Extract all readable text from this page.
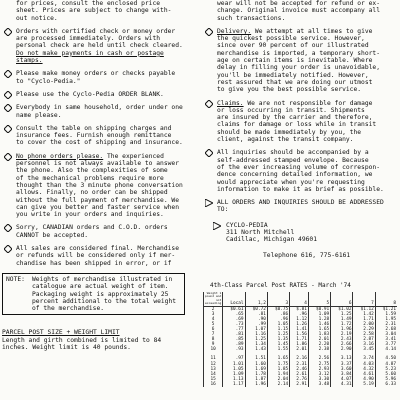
for prices, consult the enclosed price
sheet. Prices are subject to change with-
out notice.

Orders with certified check or money order
are processed immediately. Orders with
personal check are held until check cleared.
Do not make payments in cash or postage
stamps.

Please make money orders or checks payable
to "Cyclo-Pedia."

Please use the Cyclo-Pedia ORDER BLANK.

Everybody in same household, order under one
name please.

Consult the table on shipping charges and
insurance fees. Furnish enough remittance
to cover the cost of shipping and insurance.

No phone orders please. The experienced
personnel is not always available to answer
the phone. Also the complexities of some
of the mechanical problems require more
thought than the 3 minute phone conversation
allows. Finally, no order can be shipped
without the full payment of merchandise. We
can give you better and faster service when
you write in your orders and inquiries.

Sorry, CANADIAN orders and C.O.D. orders
CANNOT be accepted.

All sales are considered final. Merchandise
or refunds will be considered only if mer-
chandise has been shipped in error, or if

NOTE:	Weights of merchandise illustrated in
catalogue are actual weight of item.
Packaging weight is approximately 25
percent additional to the total weight
of the merchandise.
PARCEL POST SIZE + WEIGHT LIMIT
Length and girth combined is limited to 84
inches. Weight limit is 40 pounds.
wear will not be accepted for refund or ex-
change. Original invoice must accompany all
such transactions.

Delivery. We attempt at all times to give
the quickest possible service. However,
since over 90 percent of our illustrated
merchandise is imported, a temporary short-
age on certain items is inevitable. Where
delay in filling your order is unavoidable,
you'll be immediately notified. However,
rest assured that we are doing our utmost
to give you the best possible service.

Claims. We are not responsible for damage
or loss occurring in transit. Shipments
are insured by the carrier and therefore,
claims for damage or loss while in transit
should be made immediately by you, the
client, against the transit company.

All inquiries should be accompanied by a
self-addressed stamped envelope. Because
of the ever increasing volume of correspon-
dence concerning detailed information, we
would appreciate when you're requesting
information to make it as brief as possible.

ALL ORDERS AND INQUIRIES SHOULD BE ADDRESSED TO:

CYCLO-PEDIA
311 North Mitchell
Cadillac, Michigan 49601
Telephone 616, 775-6161
4th-Class Parcel Post RATES - March '74
Weight 1 pound and not exceeding	Local	1,2	3	4	5	6	7	8
2	$0.61	$0.72	$0.75	$.81	$0.91	$1.02	$1.12	$1.21
3	.65	.81	.86	.96	1.09	1.25	1.42	1.59
4	.69	.90	.96	1.12	1.28	1.49	1.71	1.95
5	.73	.99	1.05	1.26	1.46	1.72	2.00	2.31
6	.77	1.07	1.15	1.41	1.65	1.96	2.29	2.68
7	.81	1.16	1.25	1.56	1.83	2.19	2.58	3.04
8	.85	1.25	1.35	1.71	2.01	2.43	2.87	3.41
9	.89	1.34	1.45	1.86	2.20	2.66	3.16	3.77
10	.93	1.43	1.55	2.01	2.38	2.90	3.45	4.14

11	.97	1.51	1.65	2.16	2.56	3.13	3.74	4.50
12	1.01	1.60	1.75	2.31	2.75	3.37	4.03	4.87
13	1.05	1.69	1.85	2.46	2.93	3.60	4.32	5.23
14	1.09	1.78	1.94	2.61	3.12	3.84	4.61	5.60
15	1.13	1.87	2.04	2.76	3.30	4.07	4.90	5.96
16	1.17	1.96	2.14	2.91	3.48	4.31	5.19	6.33
